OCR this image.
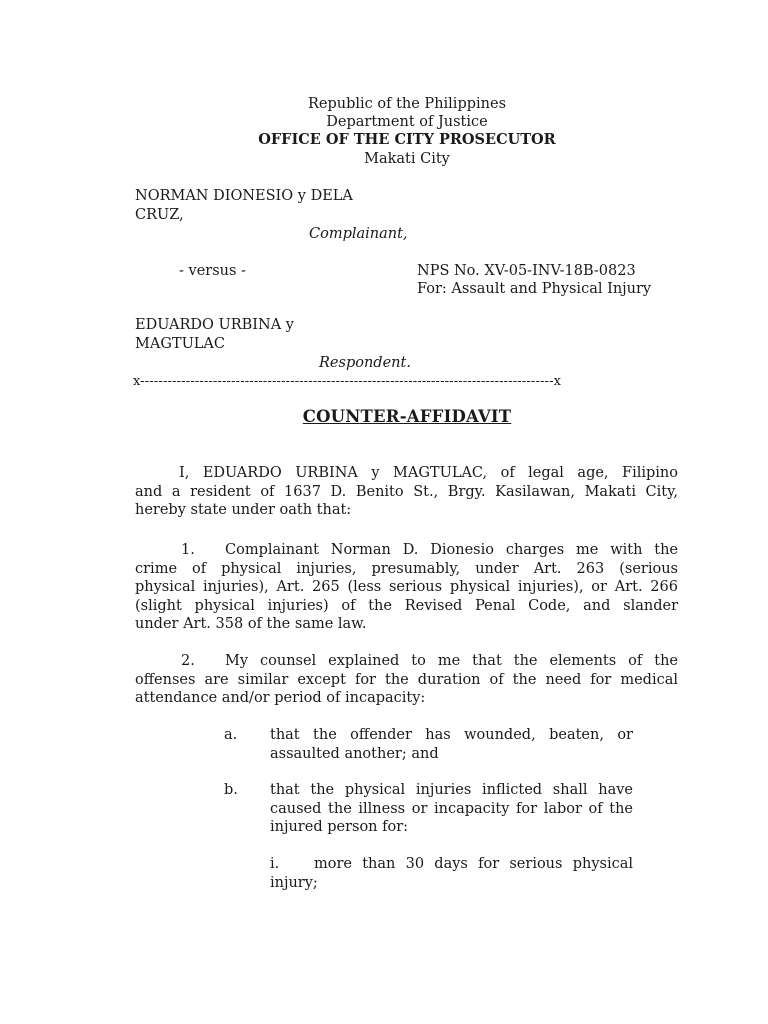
Republic of the Philippines
Department of Justice
OFFICE OF THE CITY PROSECUTOR
Makati City
NORMAN DIONESIO y DELA
CRUZ,
Complainant,
- versus -	NPS No. XV-05-INV-18B-0823
For: Assault and Physical Injury
EDUARDO URBINA y
MAGTULAC
Respondent.
x-------------------------------------------------------------------------------------------x
COUNTER-AFFIDAVIT
I, EDUARDO URBINA y MAGTULAC, of legal age, Filipino
and a resident of 1637 D. Benito St., Brgy. Kasilawan, Makati City,
hereby state under oath that:
1.	Complainant Norman D. Dionesio charges me with the
crime of physical injuries, presumably, under Art. 263 (serious
physical injuries), Art. 265 (less serious physical injuries), or Art. 266
(slight physical injuries) of the Revised Penal Code, and slander
under Art. 358 of the same law.
2.	My counsel explained to me that the elements of the
offenses are similar except for the duration of the need for medical
attendance and/or period of incapacity:
a. that the offender has wounded, beaten, or
assaulted another; and
b. that the physical injuries inflicted shall have
caused the illness or incapacity for labor of the
injured person for:
i.	more than 30 days for serious physical
injury;
